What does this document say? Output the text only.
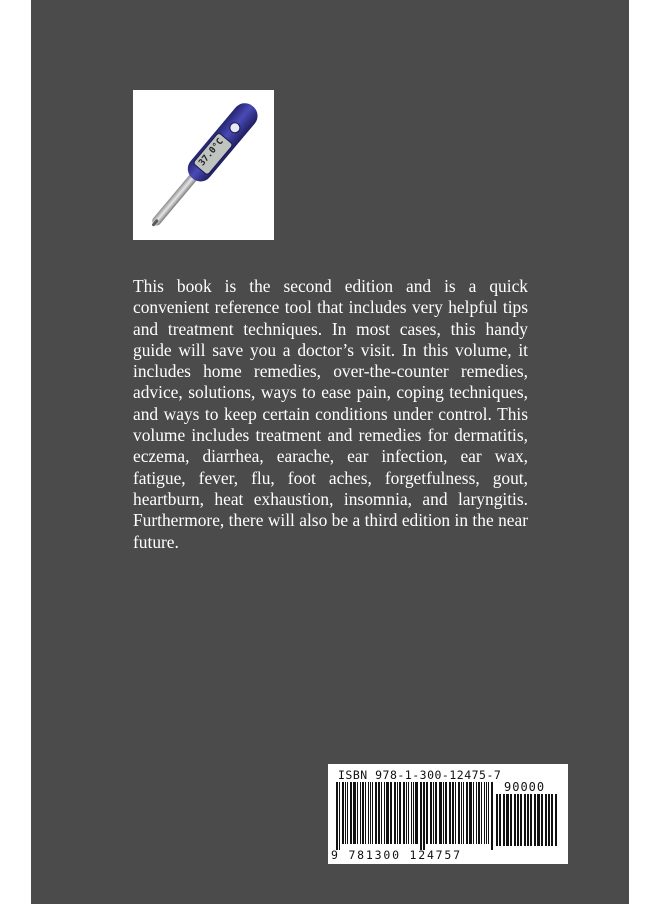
37.0°C

This book is the second edition and is a quick convenient reference tool that includes very helpful tips and treatment techniques. In most cases, this handy guide will save you a doctor’s visit. In this volume, it includes home remedies, over-the-counter remedies, advice, solutions, ways to ease pain, coping techniques, and ways to keep certain conditions under control. This volume includes treatment and remedies for dermatitis, eczema, diarrhea, earache, ear infection, ear wax, fatigue, fever, flu, foot aches, forgetfulness, gout, heartburn, heat exhaustion, insomnia, and laryngitis. Furthermore, there will also be a third edition in the near future.

ISBN 978-1-300-12475-7
90000
9 781300 124757
